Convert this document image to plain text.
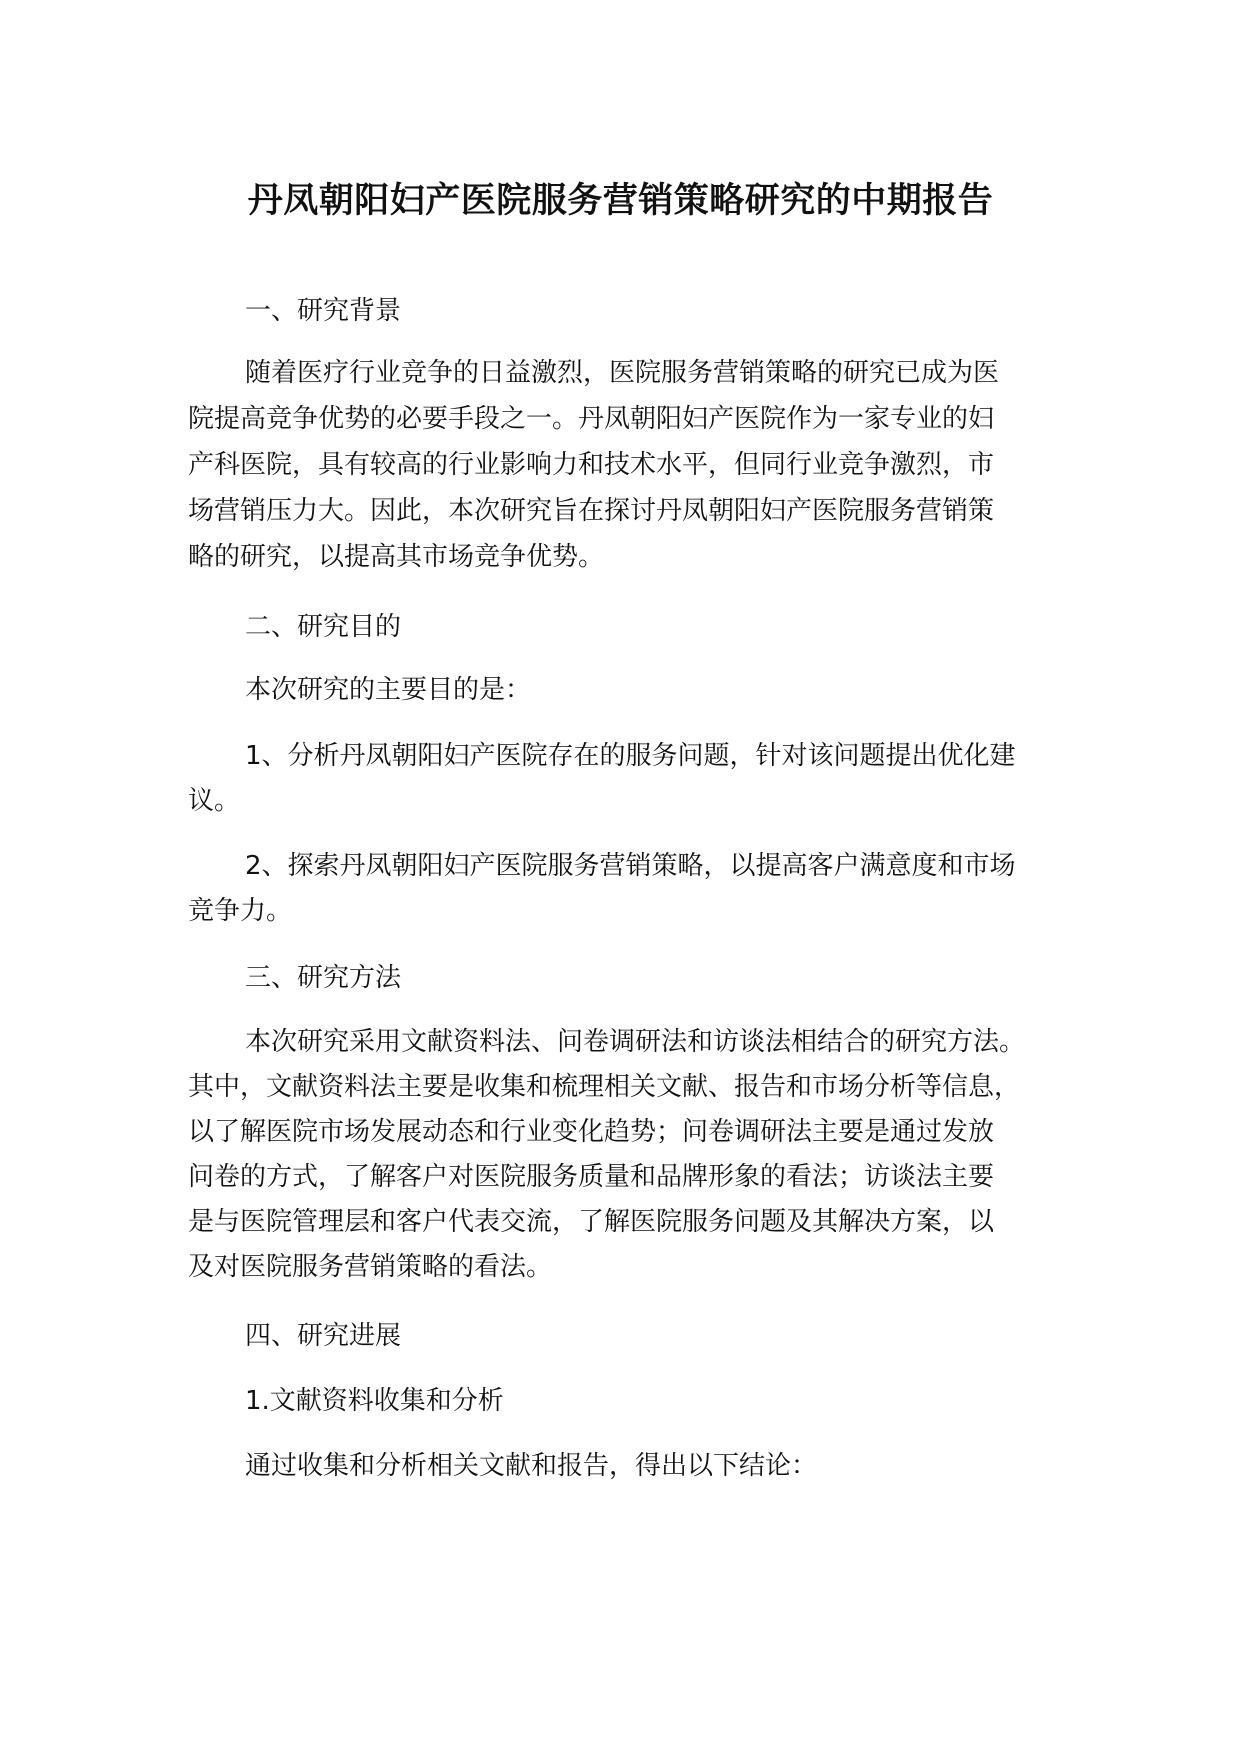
丹凤朝阳妇产医院服务营销策略研究的中期报告

一、研究背景

随着医疗行业竞争的日益激烈，医院服务营销策略的研究已成为医

院提高竞争优势的必要手段之一。丹凤朝阳妇产医院作为一家专业的妇

产科医院，具有较高的行业影响力和技术水平，但同行业竞争激烈，市

场营销压力大。因此，本次研究旨在探讨丹凤朝阳妇产医院服务营销策

略的研究，以提高其市场竞争优势。

二、研究目的

本次研究的主要目的是：

1、分析丹凤朝阳妇产医院存在的服务问题，针对该问题提出优化建

议。

2、探索丹凤朝阳妇产医院服务营销策略，以提高客户满意度和市场

竞争力。

三、研究方法

本次研究采用文献资料法、问卷调研法和访谈法相结合的研究方法。

其中，文献资料法主要是收集和梳理相关文献、报告和市场分析等信息，

以了解医院市场发展动态和行业变化趋势；问卷调研法主要是通过发放

问卷的方式，了解客户对医院服务质量和品牌形象的看法；访谈法主要

是与医院管理层和客户代表交流，了解医院服务问题及其解决方案，以

及对医院服务营销策略的看法。

四、研究进展

1.文献资料收集和分析

通过收集和分析相关文献和报告，得出以下结论：
